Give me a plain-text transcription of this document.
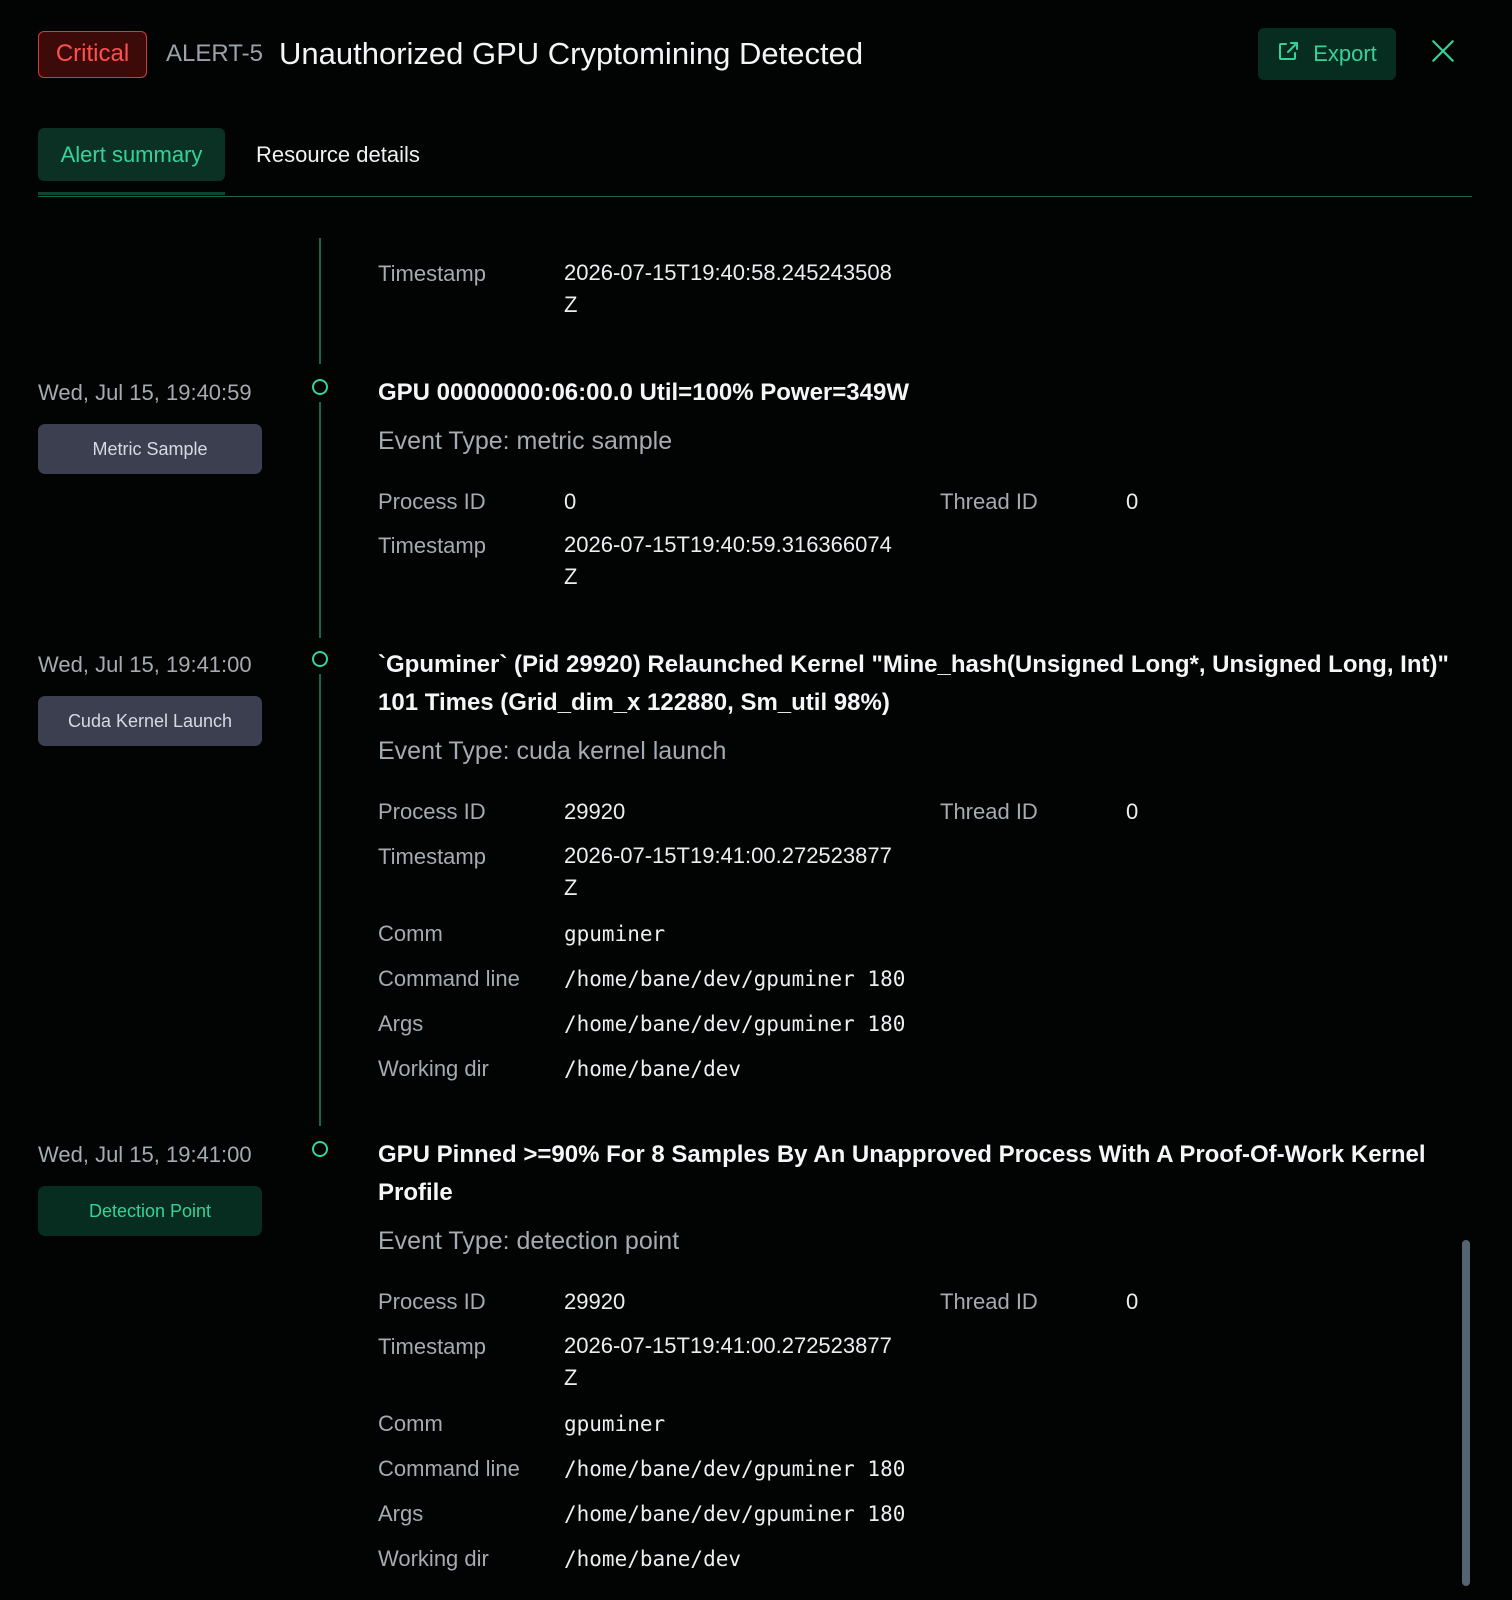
Critical	ALERT-5 Unauthorized GPU Cryptomining Detected	Export
Alert summary	Resource details
Timestamp	2026-07-15T19:40:58.245243508Z
Wed, Jul 15, 19:40:59
Metric Sample
GPU 00000000:06:00.0 Util=100% Power=349W
Event Type: metric sample
Process ID	0	Thread ID	0
Timestamp	2026-07-15T19:40:59.316366074Z
Wed, Jul 15, 19:41:00
Cuda Kernel Launch
`Gpuminer` (Pid 29920) Relaunched Kernel "Mine_hash(Unsigned Long*, Unsigned Long, Int)" 101 Times (Grid_dim_x 122880, Sm_util 98%)
Event Type: cuda kernel launch
Process ID	29920	Thread ID	0
Timestamp	2026-07-15T19:41:00.272523877Z
Comm	gpuminer
Command line /home/bane/dev/gpuminer 180
Args	/home/bane/dev/gpuminer 180
Working dir	/home/bane/dev
Wed, Jul 15, 19:41:00
Detection Point
GPU Pinned >=90% For 8 Samples By An Unapproved Process With A Proof-Of-Work Kernel Profile
Event Type: detection point
Process ID	29920	Thread ID	0
Timestamp	2026-07-15T19:41:00.272523877Z
Comm	gpuminer
Command line /home/bane/dev/gpuminer 180
Args	/home/bane/dev/gpuminer 180
Working dir	/home/bane/dev
